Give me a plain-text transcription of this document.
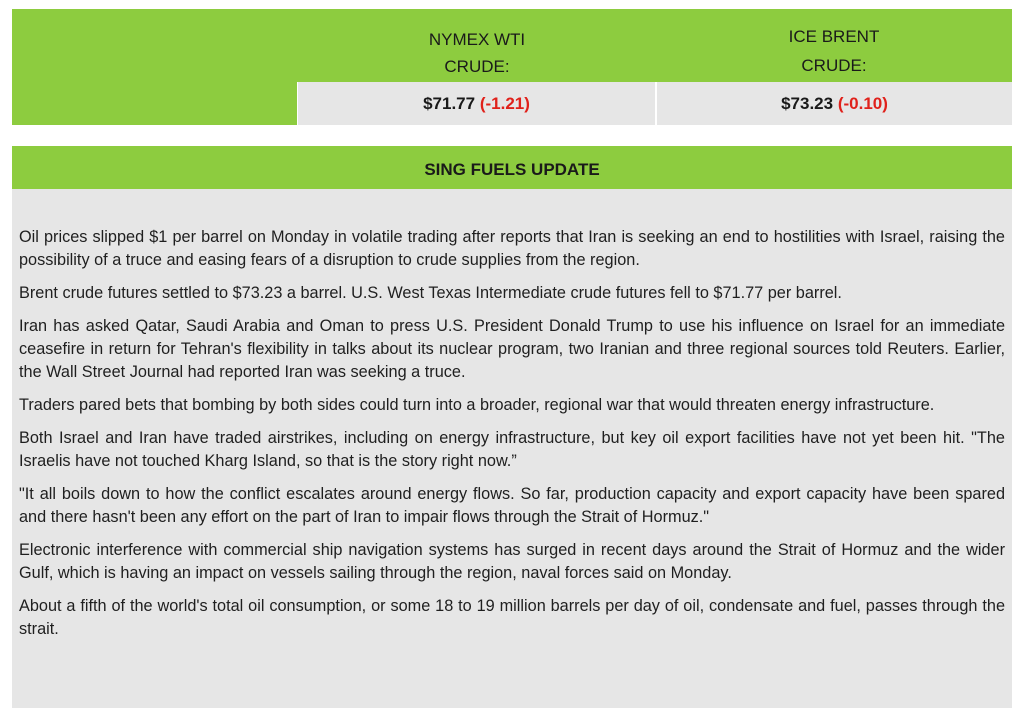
NYMEX WTI
CRUDE:
ICE BRENT
CRUDE:
$71.77 (-1.21)	$73.23 (-0.10)
SING FUELS UPDATE

Oil prices slipped $1 per barrel on Monday in volatile trading after reports that Iran is seeking an end to hostilities with Israel, raising the possibility of a truce and easing fears of a disruption to crude supplies from the region.

Brent crude futures settled to $73.23 a barrel. U.S. West Texas Intermediate crude futures fell to $71.77 per barrel.

Iran has asked Qatar, Saudi Arabia and Oman to press U.S. President Donald Trump to use his influence on Israel for an immediate ceasefire in return for Tehran's flexibility in talks about its nuclear program, two Iranian and three regional sources told Reuters. Earlier, the Wall Street Journal had reported Iran was seeking a truce.

Traders pared bets that bombing by both sides could turn into a broader, regional war that would threaten energy infrastructure.

Both Israel and Iran have traded airstrikes, including on energy infrastructure, but key oil export facilities have not yet been hit. "The Israelis have not touched Kharg Island, so that is the story right now.”

"It all boils down to how the conflict escalates around energy flows. So far, production capacity and export capacity have been spared and there hasn't been any effort on the part of Iran to impair flows through the Strait of Hormuz."

Electronic interference with commercial ship navigation systems has surged in recent days around the Strait of Hormuz and the wider Gulf, which is having an impact on vessels sailing through the region, naval forces said on Monday.

About a fifth of the world's total oil consumption, or some 18 to 19 million barrels per day of oil, condensate and fuel, passes through the strait.
